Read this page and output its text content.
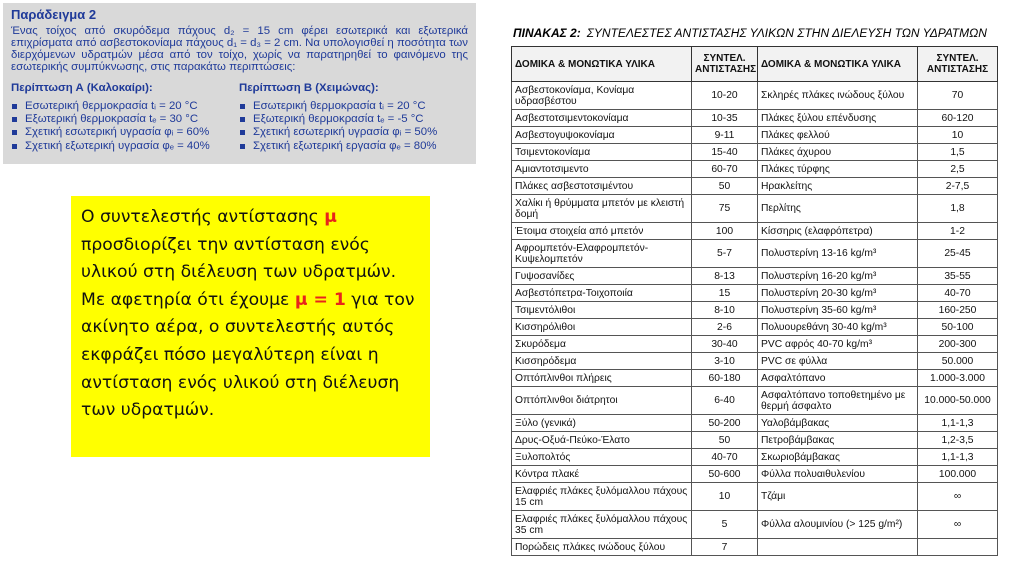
Παράδειγμα 2
Ένας τοίχος από σκυρόδεμα πάχους d₂ = 15 cm φέρει εσωτερικά και εξωτερικά επιχρίσματα από ασβεστοκονίαμα πάχους d₁ = d₃ = 2 cm. Να υπολογισθεί η ποσότητα των διερχόμενων υδρατμών μέσα από τον τοίχο, χωρίς να παρατηρηθεί το φαινόμενο της εσωτερικής συμπύκνωσης, στις παρακάτω περιπτώσεις:
Περίπτωση Α (Καλοκαίρι):
Εσωτερική θερμοκρασία tᵢ = 20 °C
Εξωτερική θερμοκρασία tₑ = 30 °C
Σχετική εσωτερική υγρασία φᵢ = 60%
Σχετική εξωτερική υγρασία φₑ = 40%
Περίπτωση Β (Χειμώνας):
Εσωτερική θερμοκρασία tᵢ = 20 °C
Εξωτερική θερμοκρασία tₑ = -5 °C
Σχετική εσωτερική υγρασία φᵢ = 50%
Σχετική εξωτερική εργασία φₑ = 80%
Ο συντελεστής αντίστασης μ προσδιορίζει την αντίσταση ενός υλικού στη διέλευση των υδρατμών. Με αφετηρία ότι έχουμε μ = 1 για τον ακίνητο αέρα, ο συντελεστής αυτός εκφράζει πόσο μεγαλύτερη είναι η αντίσταση ενός υλικού στη διέλευση των υδρατμών.
ΠΙΝΑΚΑΣ 2: ΣΥΝΤΕΛΕΣΤΕΣ ΑΝΤΙΣΤΑΣΗΣ ΥΛΙΚΩΝ ΣΤΗΝ ΔΙΕΛΕΥΣΗ ΤΩΝ ΥΔΡΑΤΜΩΝ
ΔΟΜΙΚΑ & ΜΟΝΩΤΙΚΑ ΥΛΙΚΑ	ΣΥΝΤΕΛ. ΑΝΤΙΣΤΑΣΗΣ	ΔΟΜΙΚΑ & ΜΟΝΩΤΙΚΑ ΥΛΙΚΑ	ΣΥΝΤΕΛ. ΑΝΤΙΣΤΑΣΗΣ
Ασβεστοκονίαμα, Κονίαμα υδρασβέστου	10-20	Σκληρές πλάκες ινώδους ξύλου	70
Ασβεστοτσιμεντοκονίαμα	10-35	Πλάκες ξύλου επένδυσης	60-120
Ασβεστογυψοκονίαμα	9-11	Πλάκες φελλού	10
Τσιμεντοκονίαμα	15-40	Πλάκες άχυρου	1,5
Αμιαντοτσιμεντο	60-70	Πλάκες τύρφης	2,5
Πλάκες ασβεστοτσιμέντου	50	Ηρακλείτης	2-7,5
Χαλίκι ή θρύμματα μπετόν με κλειστή δομή	75	Περλίτης	1,8
Έτοιμα στοιχεία από μπετόν	100	Κίσσηρις (ελαφρόπετρα)	1-2
Αφρομπετόν-Ελαφρομπετόν-Κυψελομπετόν	5-7	Πολυστερίνη 13-16 kg/m³	25-45
Γυψοσανίδες	8-13	Πολυστερίνη 16-20 kg/m³	35-55
Ασβεστόπετρα-Τοιχοποιία	15	Πολυστερίνη 20-30 kg/m³	40-70
Τσιμεντόλιθοι	8-10	Πολυστερίνη 35-60 kg/m³	160-250
Κισσηρόλιθοι	2-6	Πολυουρεθάνη 30-40 kg/m³	50-100
Σκυρόδεμα	30-40	PVC αφρός 40-70 kg/m³	200-300
Κισσηρόδεμα	3-10	PVC σε φύλλα	50.000
Οπτόπλινθοι πλήρεις	60-180	Ασφαλτόπανο	1.000-3.000
Οπτόπλινθοι διάτρητοι	6-40	Ασφαλτόπανο τοποθετημένο με θερμή άσφαλτο	10.000-50.000
Ξύλο (γενικά)	50-200	Υαλοβάμβακας	1,1-1,3
Δρυς-Οξυά-Πεύκο-Έλατο	50	Πετροβάμβακας	1,2-3,5
Ξυλοπολτός	40-70	Σκωριοβάμβακας	1,1-1,3
Κόντρα πλακέ	50-600	Φύλλα πολυαιθυλενίου	100.000
Ελαφριές πλάκες ξυλόμαλλου πάχους 15 cm	10	Τζάμι	∞
Ελαφριές πλάκες ξυλόμαλλου πάχους 35 cm	5	Φύλλα αλουμινίου (> 125 g/m²)	∞
Πορώδεις πλάκες ινώδους ξύλου	7		
